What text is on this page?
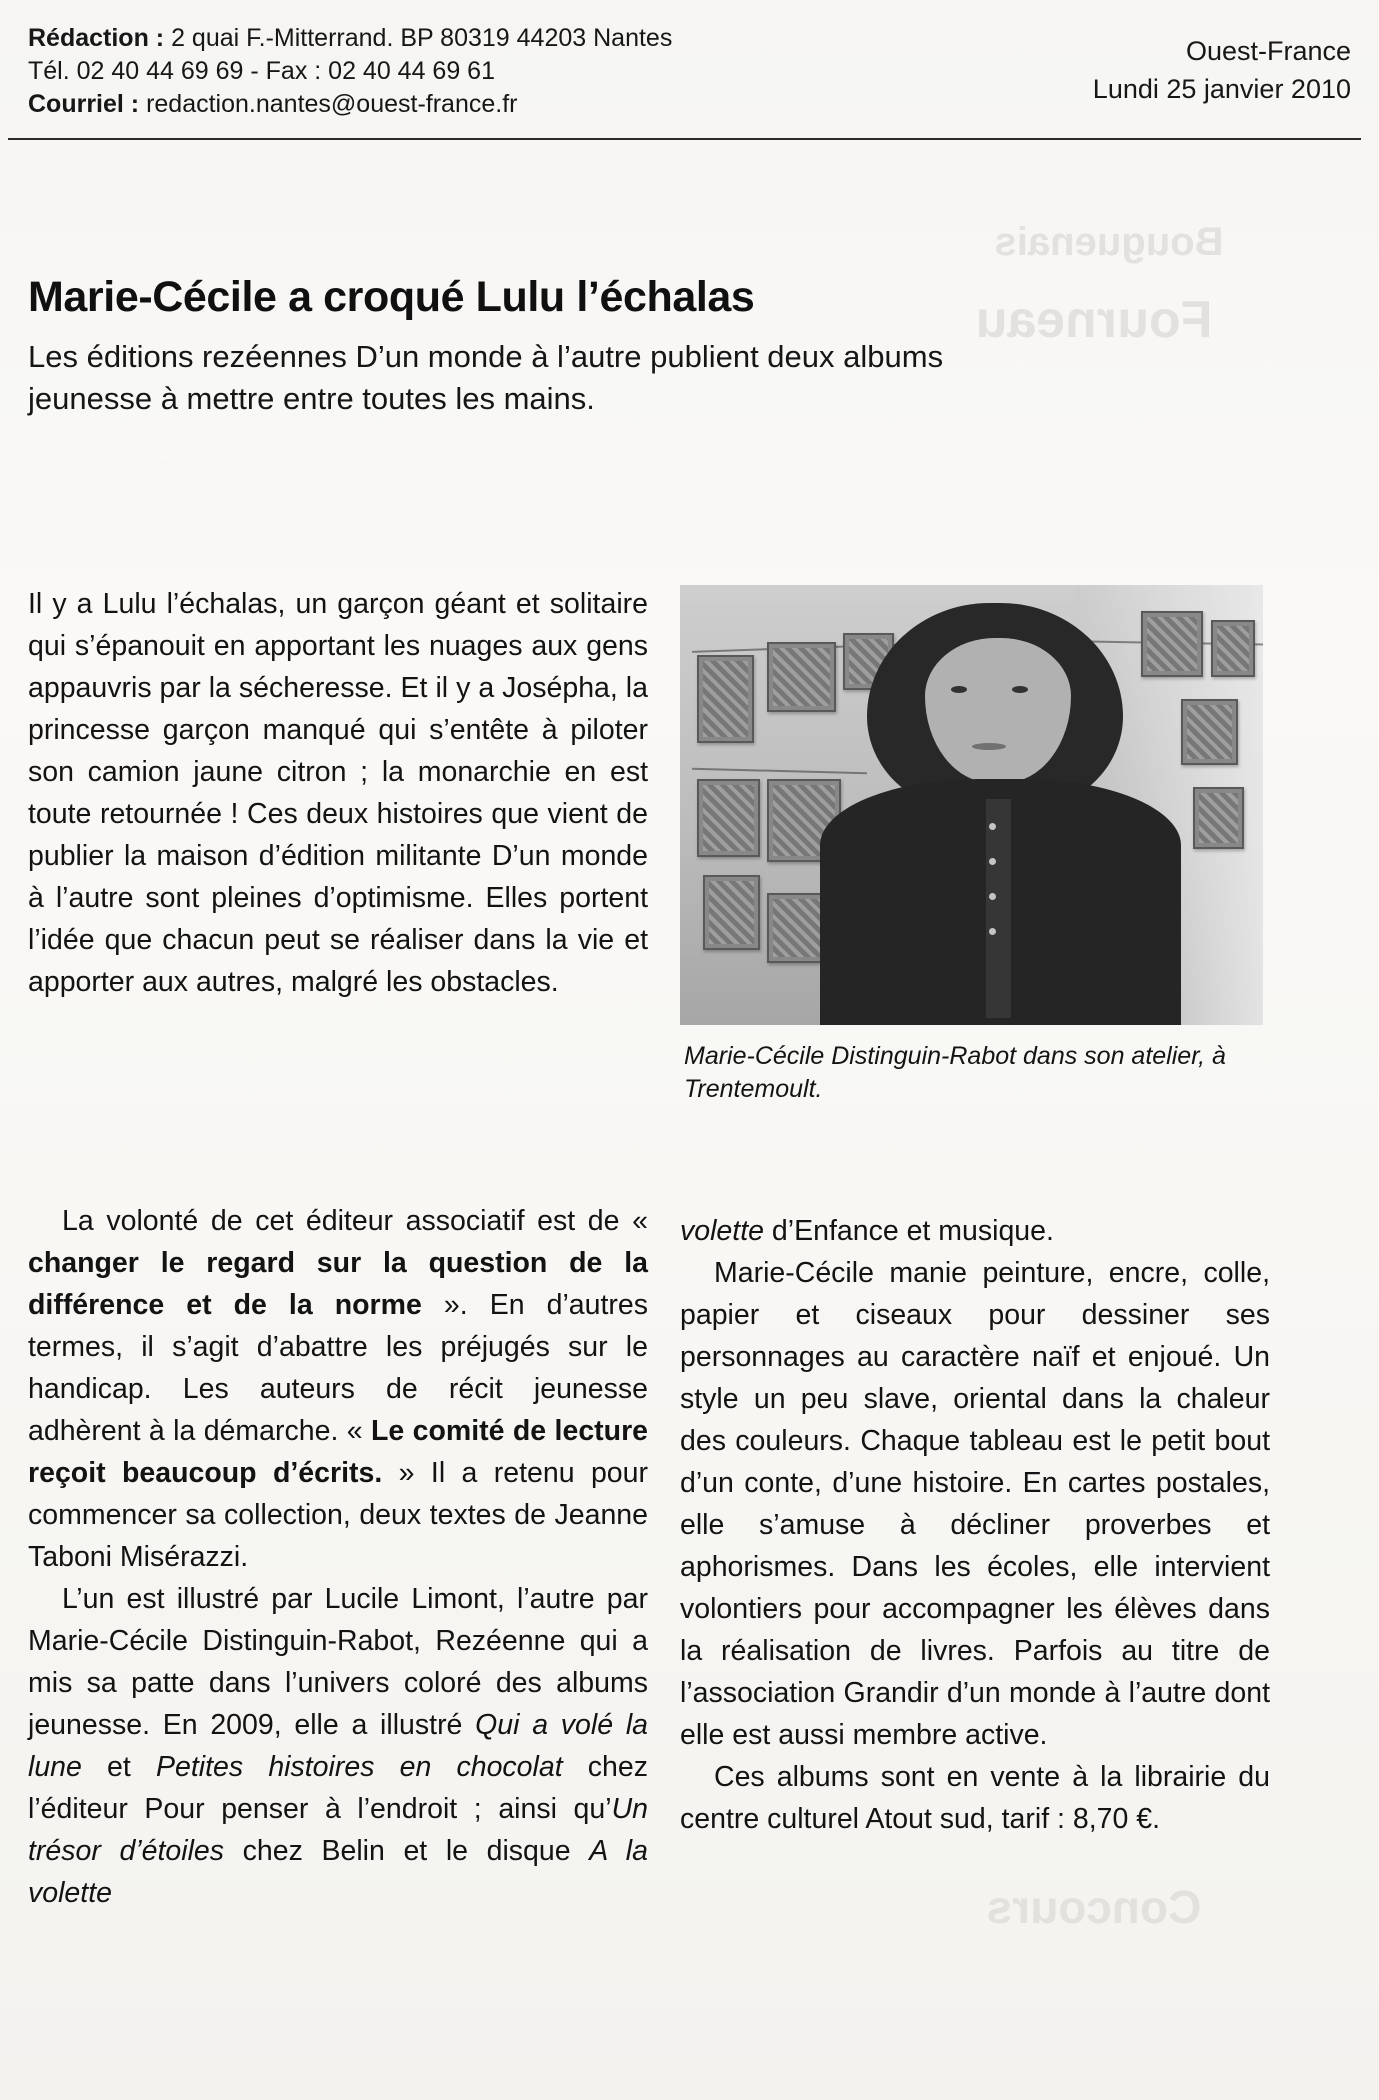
Bouguenais
Fourneau
Concours
Rédaction : 2 quai F.-Mitterrand. BP 80319 44203 Nantes
Tél. 02 40 44 69 69 - Fax : 02 40 44 69 61
Courriel : redaction.nantes@ouest-france.fr
Ouest-France
Lundi 25 janvier 2010
Marie-Cécile a croqué Lulu l’échalas
Les éditions rezéennes D’un monde à l’autre publient deux albums jeunesse à mettre entre toutes les mains.
Marie-Cécile Distinguin-Rabot dans son atelier, à Trentemoult.

Il y a Lulu l’échalas, un garçon géant et solitaire qui s’épanouit en apportant les nuages aux gens appauvris par la sécheresse. Et il y a Josépha, la princesse garçon manqué qui s’entête à piloter son camion jaune citron ; la monarchie en est toute retournée ! Ces deux histoires que vient de publier la maison d’édition militante D’un monde à l’autre sont pleines d’optimisme. Elles portent l’idée que chacun peut se réaliser dans la vie et apporter aux autres, malgré les obstacles.

La volonté de cet éditeur associatif est de « changer le regard sur la question de la différence et de la norme ». En d’autres termes, il s’agit d’abattre les préjugés sur le handicap. Les auteurs de récit jeunesse adhèrent à la démarche. « Le comité de lecture reçoit beaucoup d’écrits. » Il a retenu pour commencer sa collection, deux textes de Jeanne Taboni Misérazzi.

L’un est illustré par Lucile Limont, l’autre par Marie-Cécile Distinguin-Rabot, Rezéenne qui a mis sa patte dans l’univers coloré des albums jeunesse. En 2009, elle a illustré Qui a volé la lune et Petites histoires en chocolat chez l’éditeur Pour penser à l’endroit ; ainsi qu’Un trésor d’étoiles chez Belin et le disque A la volette

volette d’Enfance et musique.

Marie-Cécile manie peinture, encre, colle, papier et ciseaux pour dessiner ses personnages au caractère naïf et enjoué. Un style un peu slave, oriental dans la chaleur des couleurs. Chaque tableau est le petit bout d’un conte, d’une histoire. En cartes postales, elle s’amuse à décliner proverbes et aphorismes. Dans les écoles, elle intervient volontiers pour accompagner les élèves dans la réalisation de livres. Parfois au titre de l’association Grandir d’un monde à l’autre dont elle est aussi membre active.

Ces albums sont en vente à la librairie du centre culturel Atout sud, tarif : 8,70 €.
